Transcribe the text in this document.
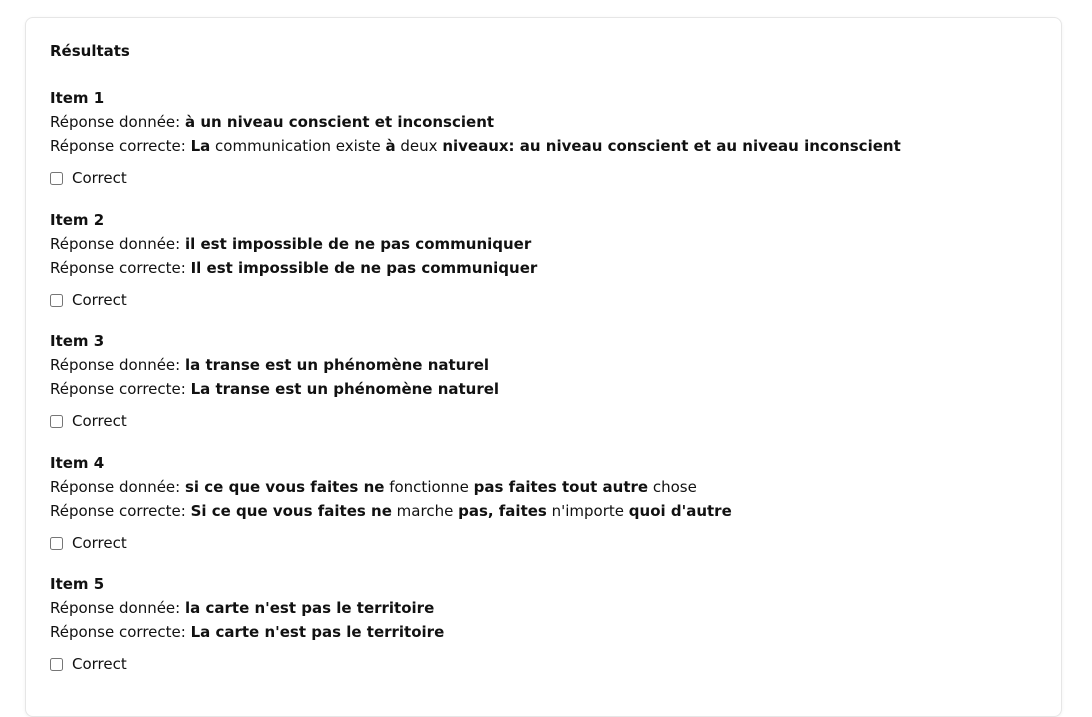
Résultats
Item 1
Réponse donnée: à un niveau conscient et inconscient
Réponse correcte: La communication existe à deux niveaux: au niveau conscient et au niveau inconscient
Correct
Item 2
Réponse donnée: il est impossible de ne pas communiquer
Réponse correcte: Il est impossible de ne pas communiquer
Correct
Item 3
Réponse donnée: la transe est un phénomène naturel
Réponse correcte: La transe est un phénomène naturel
Correct
Item 4
Réponse donnée: si ce que vous faites ne fonctionne pas faites tout autre chose
Réponse correcte: Si ce que vous faites ne marche pas, faites n'importe quoi d'autre
Correct
Item 5
Réponse donnée: la carte n'est pas le territoire
Réponse correcte: La carte n'est pas le territoire
Correct
